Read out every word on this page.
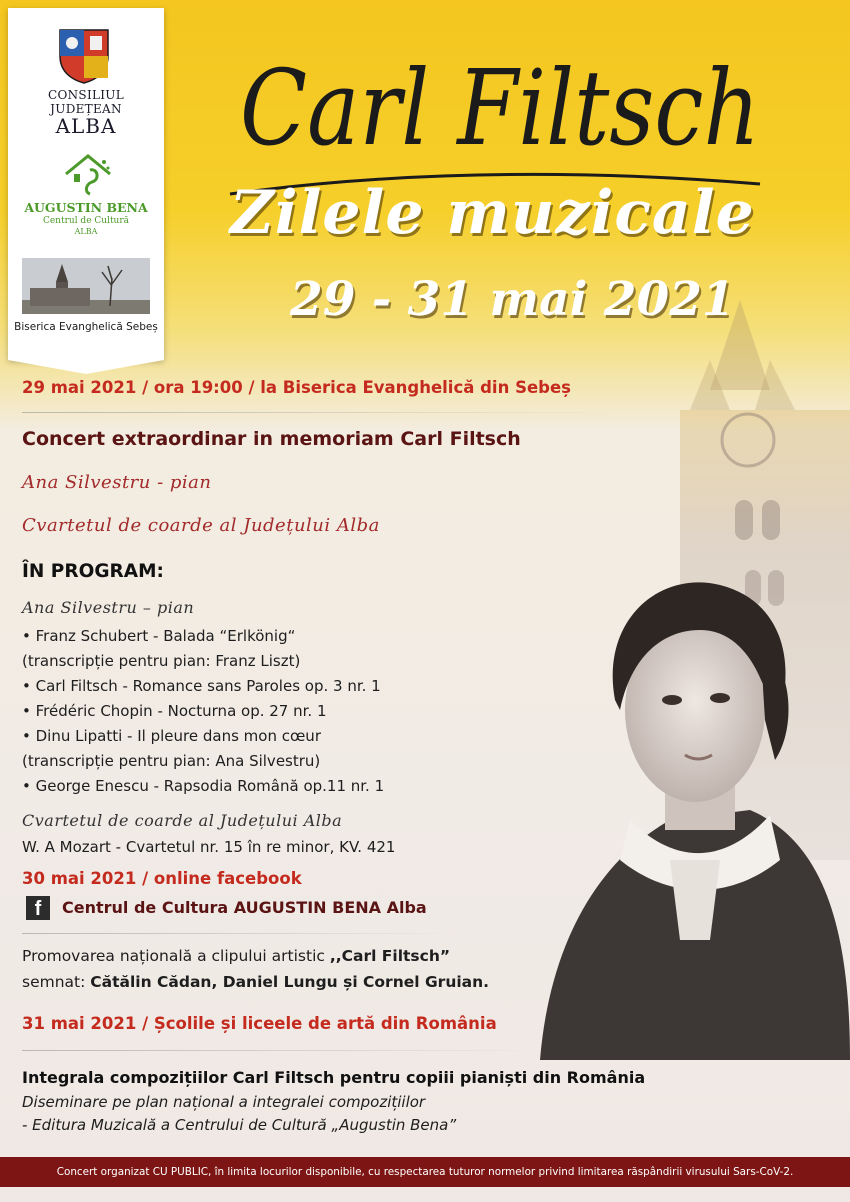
Carl Filtsch
Zilele muzicale
29 - 31 mai 2021
CONSILIUL
JUDEȚEAN
ALBA
AUGUSTIN BENA
Centrul de Cultură
ALBA
Biserica Evanghelică Sebeș
29 mai 2021 / ora 19:00 / la Biserica Evanghelică din Sebeș
Concert extraordinar in memoriam Carl Filtsch
Ana Silvestru - pian
Cvartetul de coarde al Județului Alba
ÎN PROGRAM:
Ana Silvestru – pian
• Franz Schubert - Balada “Erlkönig“
(transcripție pentru pian: Franz Liszt)
• Carl Filtsch - Romance sans Paroles op. 3 nr. 1
• Frédéric Chopin - Nocturna op. 27 nr. 1
• Dinu Lipatti - Il pleure dans mon cœur
(transcripție pentru pian: Ana Silvestru)
• George Enescu - Rapsodia Română op.11 nr. 1
Cvartetul de coarde al Județului Alba
W. A Mozart - Cvartetul nr. 15 în re minor, KV. 421
30 mai 2021 / online facebook
f	Centrul de Cultura AUGUSTIN BENA Alba
Promovarea națională a clipului artistic ,,Carl Filtsch”
semnat: Cătălin Cădan, Daniel Lungu și Cornel Gruian.
31 mai 2021 / Școlile și liceele de artă din România
Integrala compozițiilor Carl Filtsch pentru copiii pianiști din România
Diseminare pe plan național a integralei compozițiilor
- Editura Muzicală a Centrului de Cultură „Augustin Bena”
Concert organizat CU PUBLIC, în limita locurilor disponibile, cu respectarea tuturor normelor privind limitarea răspândirii virusului Sars-CoV-2.
